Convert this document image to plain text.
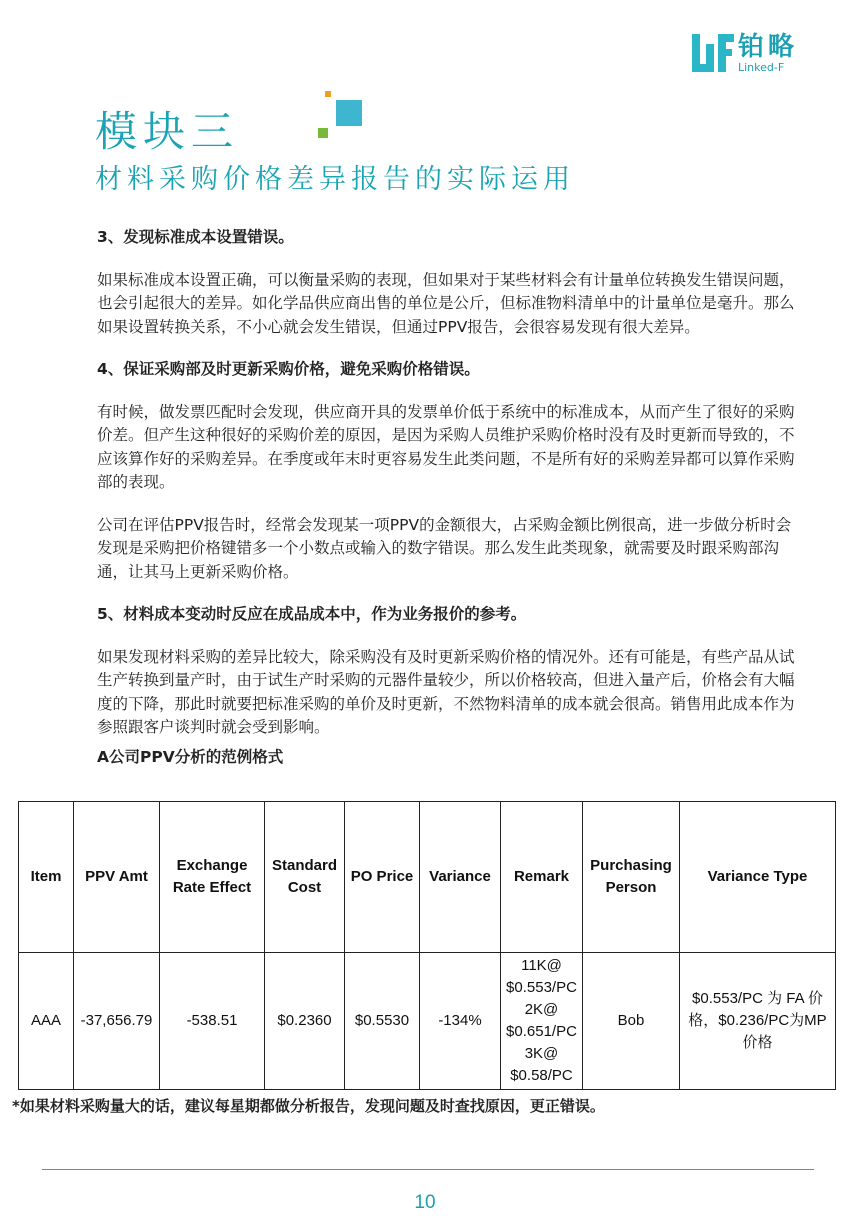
铂略
Linked-F
模块三
材料采购价格差异报告的实际运用
3、发现标准成本设置错误。

如果标准成本设置正确，可以衡量采购的表现，但如果对于某些材料会有计量单位转换发生错误问题，也会引起很大的差异。如化学品供应商出售的单位是公斤，但标准物料清单中的计量单位是毫升。那么如果设置转换关系，不小心就会发生错误，但通过PPV报告，会很容易发现有很大差异。

4、保证采购部及时更新采购价格，避免采购价格错误。

有时候，做发票匹配时会发现，供应商开具的发票单价低于系统中的标准成本，从而产生了很好的采购价差。但产生这种很好的采购价差的原因，是因为采购人员维护采购价格时没有及时更新而导致的，不应该算作好的采购差异。在季度或年末时更容易发生此类问题，不是所有好的采购差异都可以算作采购部的表现。

公司在评估PPV报告时，经常会发现某一项PPV的金额很大，占采购金额比例很高，进一步做分析时会发现是采购把价格键错多一个小数点或输入的数字错误。那么发生此类现象，就需要及时跟采购部沟通，让其马上更新采购价格。

5、材料成本变动时反应在成品成本中，作为业务报价的参考。

如果发现材料采购的差异比较大，除采购没有及时更新采购价格的情况外。还有可能是，有些产品从试生产转换到量产时，由于试生产时采购的元器件量较少，所以价格较高，但进入量产后，价格会有大幅度的下降，那此时就要把标准采购的单价及时更新，不然物料清单的成本就会很高。销售用此成本作为参照跟客户谈判时就会受到影响。

A公司PPV分析的范例格式
Item	PPV Amt	Exchange Rate Effect	Standard Cost	PO Price	Variance	Remark	Purchasing Person	Variance Type
AAA	-37,656.79	-538.51	$0.2360	$0.5530	-134%	11K@ $0.553/PC 2K@ $0.651/PC 3K@ $0.58/PC	Bob	$0.553/PC 为 FA 价格，$0.236/PC为MP价格
*如果材料采购量大的话，建议每星期都做分析报告，发现问题及时查找原因，更正错误。
10
